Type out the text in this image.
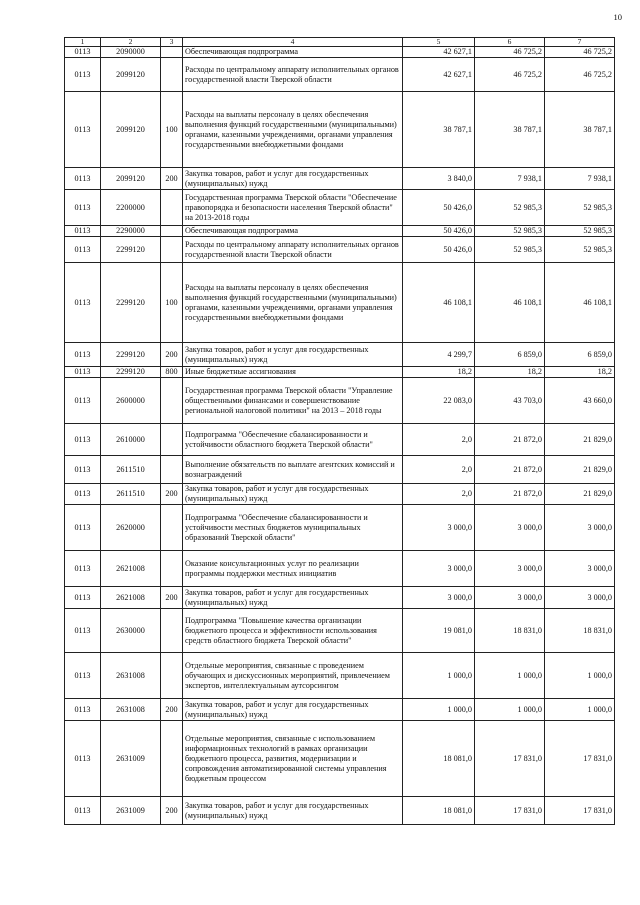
10
1	2	3	4	5	6	7
0113	2090000		Обеспечивающая подпрограмма	42 627,1	46 725,2	46 725,2
0113	2099120		Расходы по центральному аппарату исполнительных органов государственной власти Тверской области	42 627,1	46 725,2	46 725,2
0113	2099120	100	Расходы на выплаты персоналу в целях обеспечения выполнения функций государственными (муниципальными) органами, казенными учреждениями, органами управления государственными внебюджетными фондами	38 787,1	38 787,1	38 787,1
0113	2099120	200	Закупка товаров, работ и услуг для государственных (муниципальных) нужд	3 840,0	7 938,1	7 938,1
0113	2200000		Государственная программа Тверской области "Обеспечение правопорядка и безопасности населения Тверской области" на 2013-2018 годы	50 426,0	52 985,3	52 985,3
0113	2290000		Обеспечивающая подпрограмма	50 426,0	52 985,3	52 985,3
0113	2299120		Расходы по центральному аппарату исполнительных органов государственной власти Тверской области	50 426,0	52 985,3	52 985,3
0113	2299120	100	Расходы на выплаты персоналу в целях обеспечения выполнения функций государственными (муниципальными) органами, казенными учреждениями, органами управления государственными внебюджетными фондами	46 108,1	46 108,1	46 108,1
0113	2299120	200	Закупка товаров, работ и услуг для государственных (муниципальных) нужд	4 299,7	6 859,0	6 859,0
0113	2299120	800	Иные бюджетные ассигнования	18,2	18,2	18,2
0113	2600000		Государственная программа Тверской области "Управление общественными финансами и совершенствование региональной налоговой политики" на 2013 – 2018 годы	22 083,0	43 703,0	43 660,0
0113	2610000		Подпрограмма "Обеспечение сбалансированности и устойчивости областного бюджета Тверской области"	2,0	21 872,0	21 829,0
0113	2611510		Выполнение обязательств по выплате агентских комиссий и вознаграждений	2,0	21 872,0	21 829,0
0113	2611510	200	Закупка товаров, работ и услуг для государственных (муниципальных) нужд	2,0	21 872,0	21 829,0
0113	2620000		Подпрограмма "Обеспечение сбалансированности и устойчивости местных бюджетов муниципальных образований Тверской области"	3 000,0	3 000,0	3 000,0
0113	2621008		Оказание консультационных услуг по реализации программы поддержки местных инициатив	3 000,0	3 000,0	3 000,0
0113	2621008	200	Закупка товаров, работ и услуг для государственных (муниципальных) нужд	3 000,0	3 000,0	3 000,0
0113	2630000		Подпрограмма "Повышение качества организации бюджетного процесса и эффективности использования средств областного бюджета Тверской области"	19 081,0	18 831,0	18 831,0
0113	2631008		Отдельные мероприятия, связанные с проведением обучающих и дискуссионных мероприятий, привлечением экспертов, интеллектуальным аутсорсингом	1 000,0	1 000,0	1 000,0
0113	2631008	200	Закупка товаров, работ и услуг для государственных (муниципальных) нужд	1 000,0	1 000,0	1 000,0
0113	2631009		Отдельные мероприятия, связанные с использованием информационных технологий в рамках организации бюджетного процесса, развития, модернизации и сопровождения автоматизированной системы управления бюджетным процессом	18 081,0	17 831,0	17 831,0
0113	2631009	200	Закупка товаров, работ и услуг для государственных (муниципальных) нужд	18 081,0	17 831,0	17 831,0
